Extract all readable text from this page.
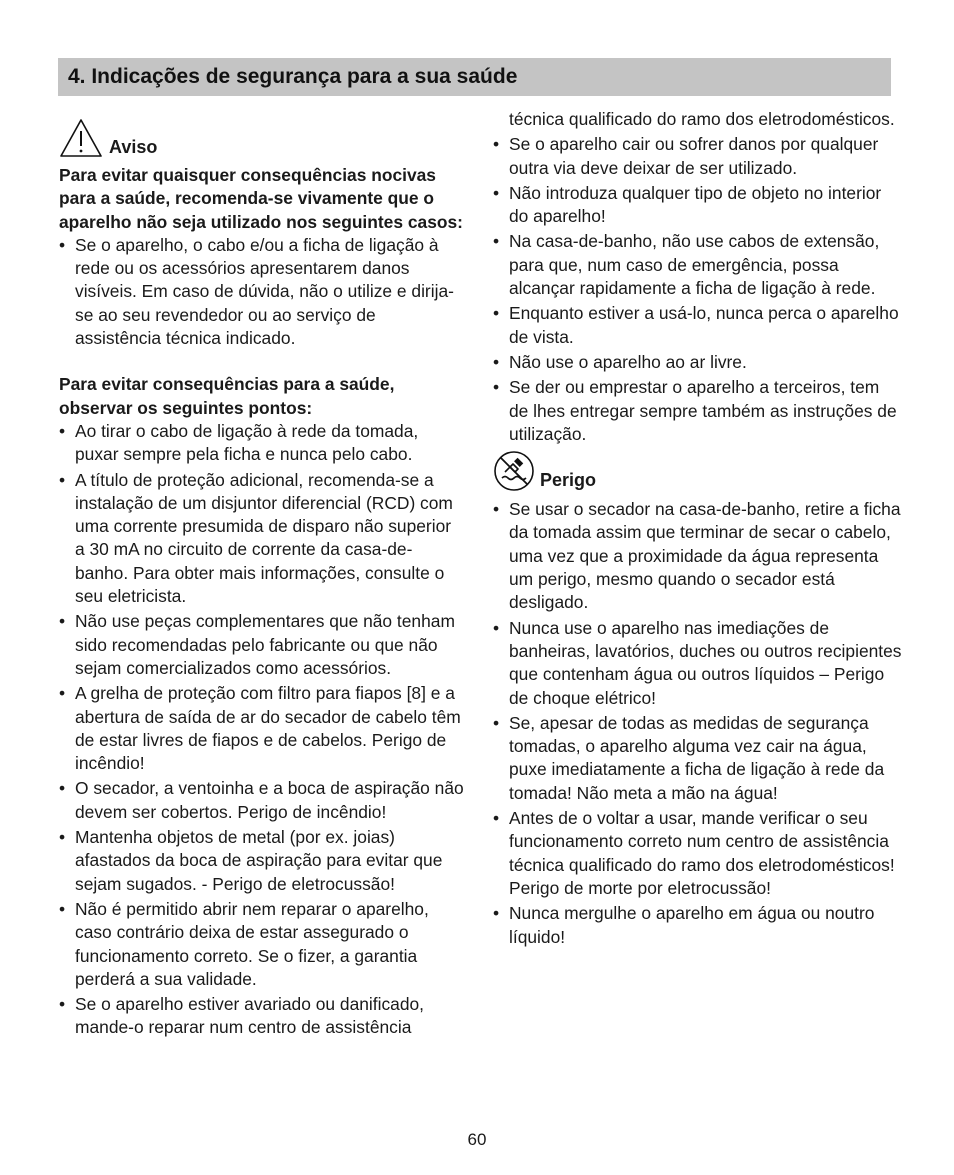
4. Indicações de segurança para a sua saúde
Aviso

Para evitar quaisquer consequências nocivas para a saúde, recomenda-se vivamente que o aparelho não seja utilizado nos seguintes casos:

• Se o aparelho, o cabo e/ou a ficha de ligação à rede ou os acessórios apresentarem danos visíveis. Em caso de dúvida, não o utilize e dirija-se ao seu revendedor ou ao serviço de assistência técnica indicado.

Para evitar consequências para a saúde, observar os seguintes pontos:

• Ao tirar o cabo de ligação à rede da tomada, puxar sempre pela ficha e nunca pelo cabo.
• A título de proteção adicional, recomenda-se a instalação de um disjuntor diferencial (RCD) com uma corrente presumida de disparo não superior a 30 mA no circuito de corrente da casa-de-banho. Para obter mais informações, consulte o seu eletricista.
• Não use peças complementares que não tenham sido recomendadas pelo fabricante ou que não sejam comercializados como acessórios.
• A grelha de proteção com filtro para fiapos [8] e a abertura de saída de ar do secador de cabelo têm de estar livres de fiapos e de cabelos. Perigo de incêndio!
• O secador, a ventoinha e a boca de aspiração não devem ser cobertos. Perigo de incêndio!
• Mantenha objetos de metal (por ex. joias) afastados da boca de aspiração para evitar que sejam sugados. - Perigo de eletrocussão!
• Não é permitido abrir nem reparar o aparelho, caso contrário deixa de estar assegurado o funcionamento correto. Se o fizer, a garantia perderá a sua validade.
• Se o aparelho estiver avariado ou danificado, mande-o reparar num centro de assistência
técnica qualificado do ramo dos eletrodomésticos.
• Se o aparelho cair ou sofrer danos por qualquer outra via deve deixar de ser utilizado.
• Não introduza qualquer tipo de objeto no interior do aparelho!
• Na casa-de-banho, não use cabos de extensão, para que, num caso de emergência, possa alcançar rapidamente a ficha de ligação à rede.
• Enquanto estiver a usá-lo, nunca perca o aparelho de vista.
• Não use o aparelho ao ar livre.
• Se der ou emprestar o aparelho a terceiros, tem de lhes entregar sempre também as instruções de utilização.
Perigo
• Se usar o secador na casa-de-banho, retire a ficha da tomada assim que terminar de secar o cabelo, uma vez que a proximidade da água representa um perigo, mesmo quando o secador está desligado.
• Nunca use o aparelho nas imediações de banheiras, lavatórios, duches ou outros recipientes que contenham água ou outros líquidos – Perigo de choque elétrico!
• Se, apesar de todas as medidas de segurança tomadas, o aparelho alguma vez cair na água, puxe imediatamente a ficha de ligação à rede da tomada! Não meta a mão na água!
• Antes de o voltar a usar, mande verificar o seu funcionamento correto num centro de assistência técnica qualificado do ramo dos eletrodomésticos! Perigo de morte por eletrocussão!
• Nunca mergulhe o aparelho em água ou noutro líquido!
60
